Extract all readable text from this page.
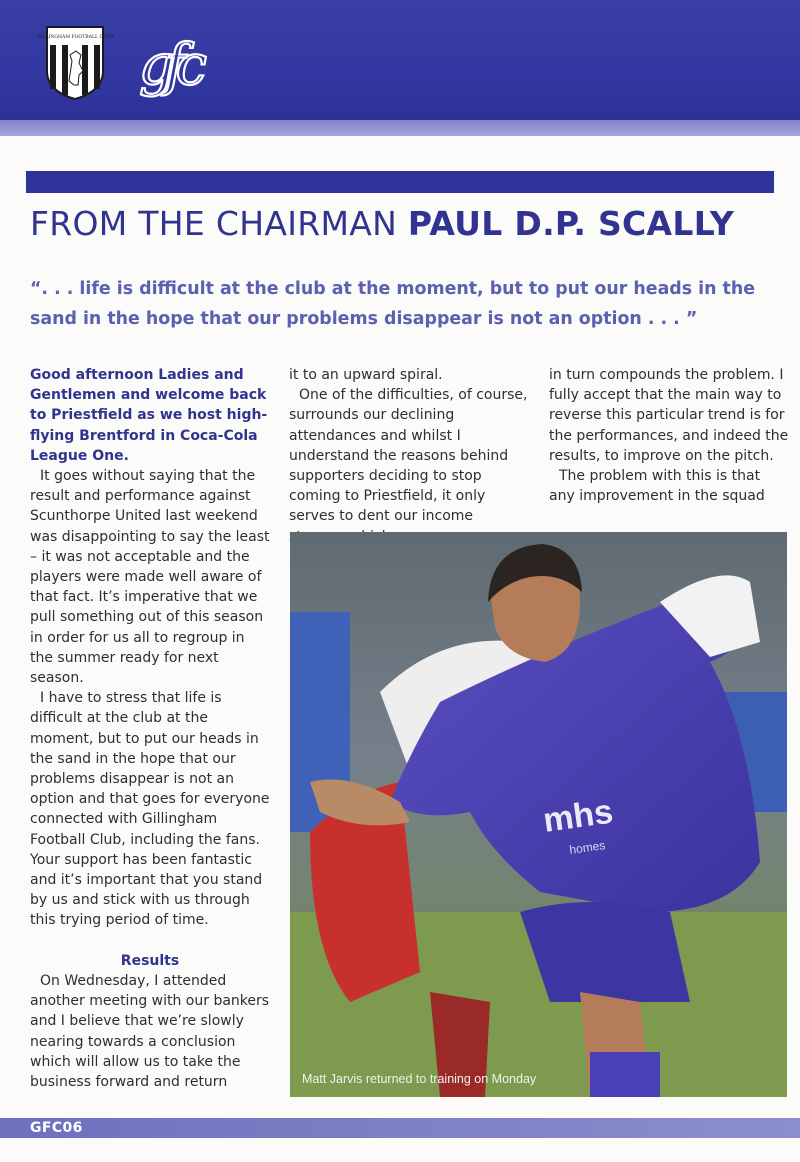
GILLINGHAM FOOTBALL CLUB gfc
FROM THE CHAIRMAN PAUL D.P. SCALLY

“. . . life is difficult at the club at the moment, but to put our heads in the sand in the hope that our problems disappear is not an option . . . ”

Good afternoon Ladies and Gentlemen and welcome back to Priestfield as we host high-flying Brentford in Coca-Cola League One.

It goes without saying that the result and performance against Scunthorpe United last weekend was disappointing to say the least – it was not acceptable and the players were made well aware of that fact. It’s imperative that we pull something out of this season in order for us all to regroup in the summer ready for next season.

I have to stress that life is difficult at the club at the moment, but to put our heads in the sand in the hope that our problems disappear is not an option and that goes for everyone connected with Gillingham Football Club, including the fans. Your support has been fantastic and it’s important that you stand by us and stick with us through this trying period of time.

Results

On Wednesday, I attended another meeting with our bankers and I believe that we’re slowly nearing towards a conclusion which will allow us to take the business forward and return

it to an upward spiral.

One of the difficulties, of course, surrounds our declining attendances and whilst I understand the reasons behind supporters deciding to stop coming to Priestfield, it only serves to dent our income

in turn compounds the problem. I fully accept that the main way to reverse this particular trend is for the performances, and indeed the results, to improve on the pitch.

The problem with this is that any improvement in the squad

mhs
homes
Matt Jarvis returned to training on Monday
GFC06
